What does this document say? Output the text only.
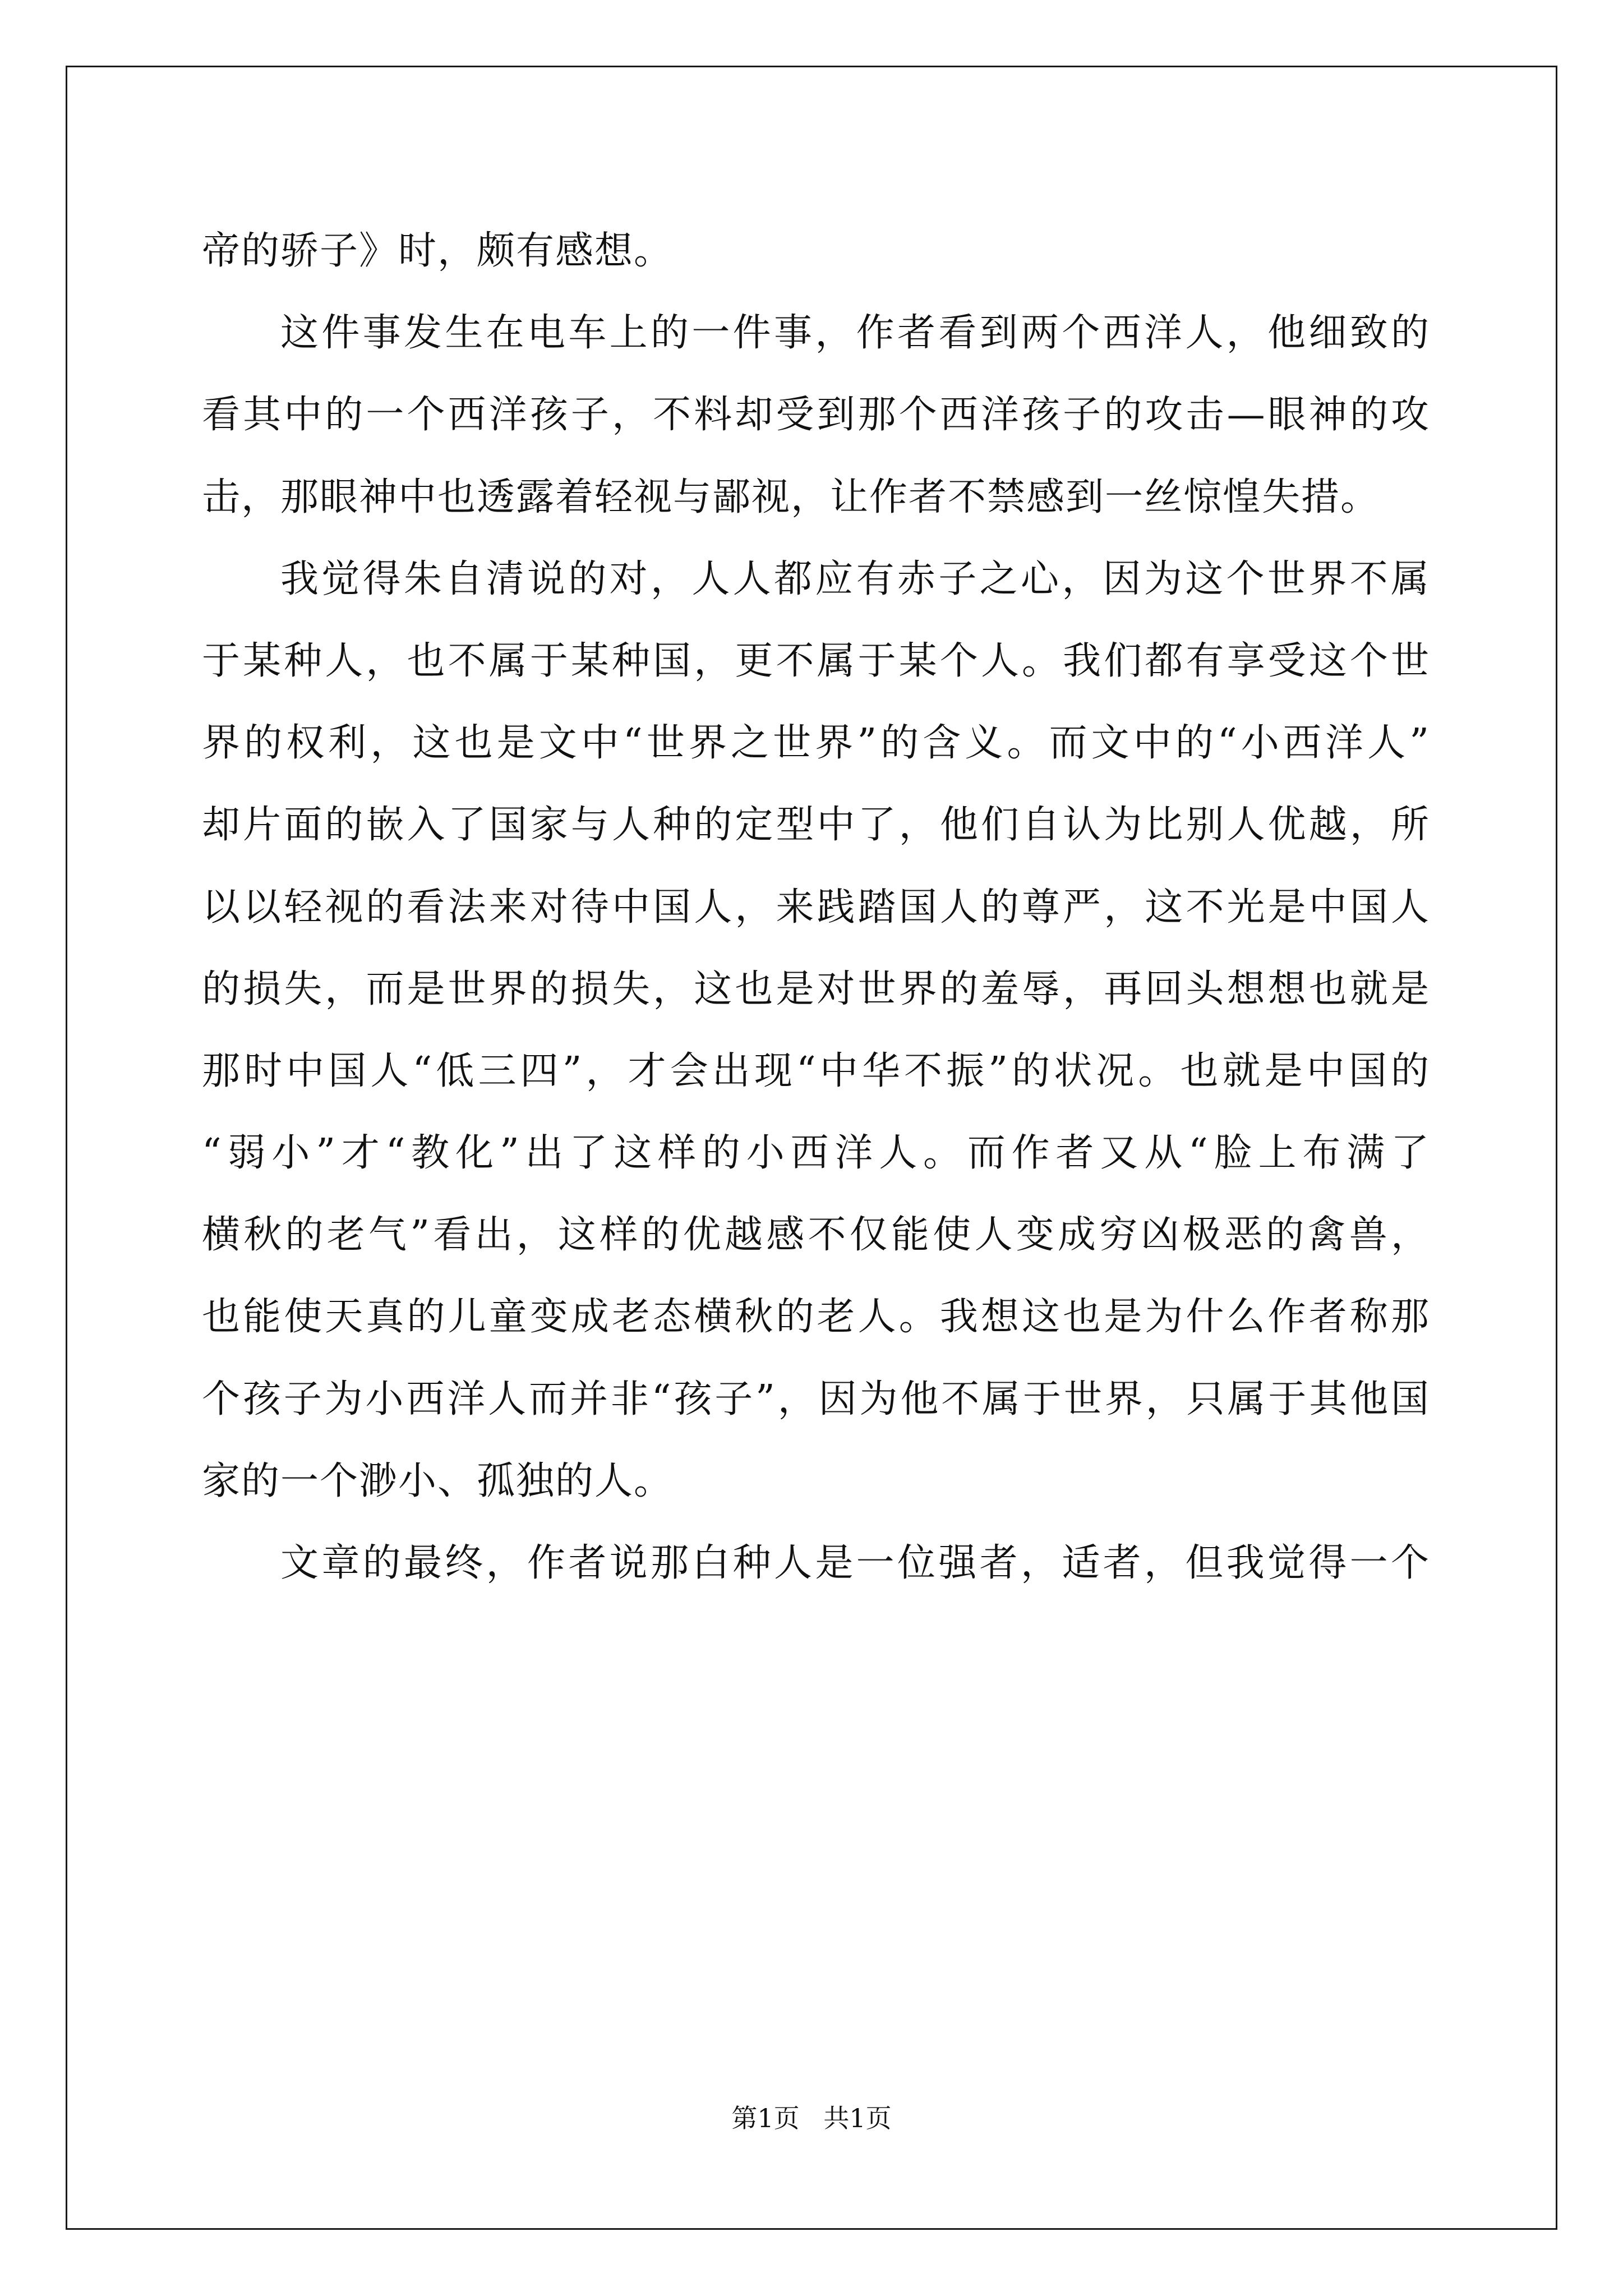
帝的骄子》时，颇有感想。
这件事发生在电车上的一件事，作者看到两个西洋人，他细致的
看其中的一个西洋孩子，不料却受到那个西洋孩子的攻击—眼神的攻
击，那眼神中也透露着轻视与鄙视，让作者不禁感到一丝惊惶失措。
我觉得朱自清说的对，人人都应有赤子之心，因为这个世界不属
于某种人，也不属于某种国，更不属于某个人。我们都有享受这个世
界的权利，这也是文中“世界之世界”的含义。而文中的“小西洋人”
却片面的嵌入了国家与人种的定型中了，他们自认为比别人优越，所
以以轻视的看法来对待中国人，来践踏国人的尊严，这不光是中国人
的损失，而是世界的损失，这也是对世界的羞辱，再回头想想也就是
那时中国人“低三四”，才会出现“中华不振”的状况。也就是中国的
“弱小”才“教化”出了这样的小西洋人。而作者又从“脸上布满了
横秋的老气”看出，这样的优越感不仅能使人变成穷凶极恶的禽兽，
也能使天真的儿童变成老态横秋的老人。我想这也是为什么作者称那
个孩子为小西洋人而并非“孩子”，因为他不属于世界，只属于其他国
家的一个渺小、孤独的人。
文章的最终，作者说那白种人是一位强者，适者，但我觉得一个
第1页 共1页
